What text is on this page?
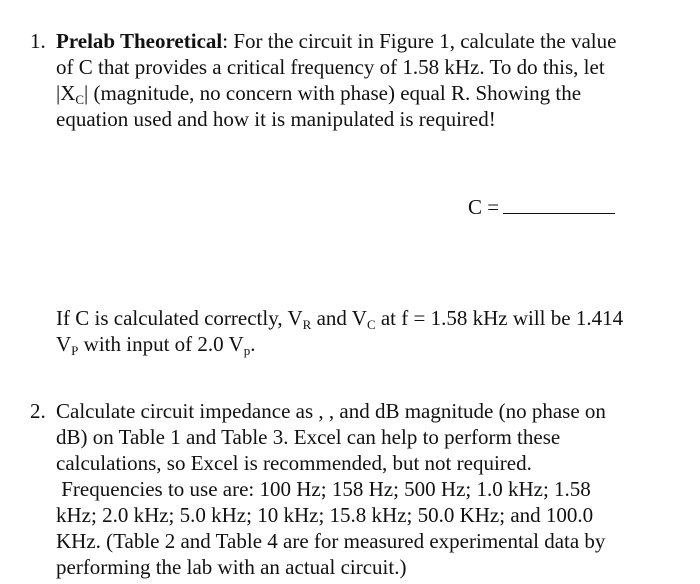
1. Prelab Theoretical: For the circuit in Figure 1, calculate the value
of C that provides a critical frequency of 1.58 kHz. To do this, let
$|X_C|$ (magnitude, no concern with phase) equal R. Showing the
equation used and how it is manipulated is required!
C =
If C is calculated correctly, $V_R$ and $V_C$ at f = 1.58 kHz will be 1.414
$V_P$ with input of 2.0 $V_p$.
2. Calculate circuit impedance as , , and dB magnitude (no phase on
dB) on Table 1 and Table 3. Excel can help to perform these
calculations, so Excel is recommended, but not required.
Frequencies to use are: 100 Hz; 158 Hz; 500 Hz; 1.0 kHz; 1.58
kHz; 2.0 kHz; 5.0 kHz; 10 kHz; 15.8 kHz; 50.0 KHz; and 100.0
KHz. (Table 2 and Table 4 are for measured experimental data by
performing the lab with an actual circuit.)
